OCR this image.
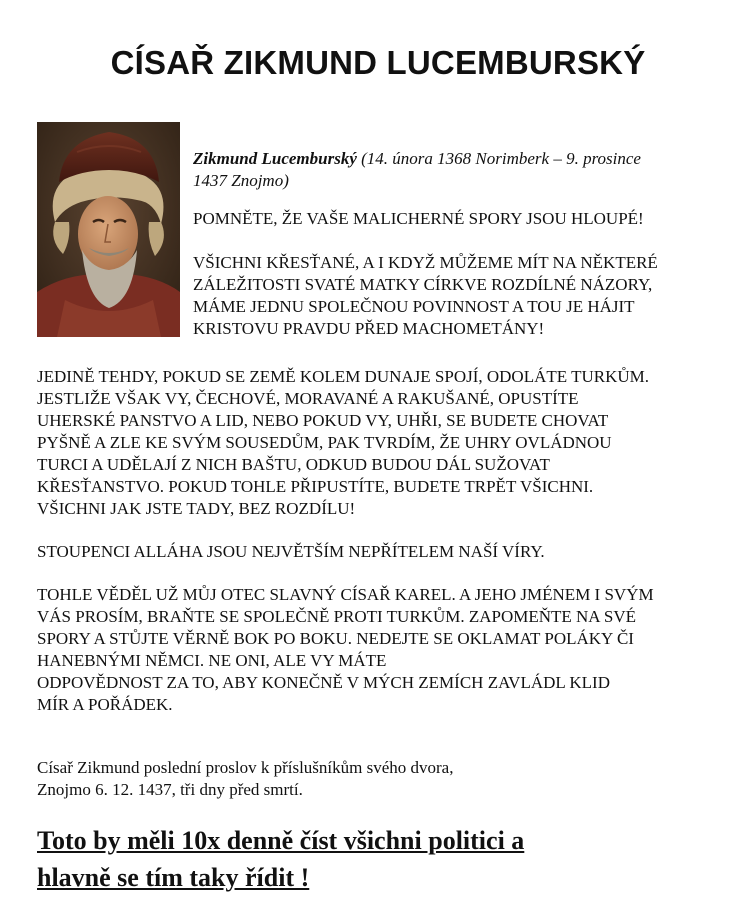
CÍSAŘ ZIKMUND LUCEMBURSKÝ
Zikmund Lucemburský (14. února 1368 Norimberk – 9. prosince
1437 Znojmo)
POMNĚTE, ŽE VAŠE MALICHERNÉ SPORY JSOU HLOUPÉ!
VŠICHNI KŘESŤANÉ, A I KDYŽ MŮŽEME MÍT NA NĚKTERÉ
ZÁLEŽITOSTI SVATÉ MATKY CÍRKVE ROZDÍLNÉ NÁZORY,
MÁME JEDNU SPOLEČNOU POVINNOST A TOU JE HÁJIT
KRISTOVU PRAVDU PŘED MACHOMETÁNY!
JEDINĚ TEHDY, POKUD SE ZEMĚ KOLEM DUNAJE SPOJÍ, ODOLÁTE TURKŮM.
JESTLIŽE VŠAK VY, ČECHOVÉ, MORAVANÉ A RAKUŠANÉ, OPUSTÍTE
UHERSKÉ PANSTVO A LID, NEBO POKUD VY, UHŘI, SE BUDETE CHOVAT
PYŠNĚ A ZLE KE SVÝM SOUSEDŮM, PAK TVRDÍM, ŽE UHRY OVLÁDNOU
TURCI A UDĚLAJÍ Z NICH BAŠTU, ODKUD BUDOU DÁL SUŽOVAT
KŘESŤANSTVO. POKUD TOHLE PŘIPUSTÍTE, BUDETE TRPĚT VŠICHNI.
VŠICHNI JAK JSTE TADY, BEZ ROZDÍLU!
STOUPENCI ALLÁHA JSOU NEJVĚTŠÍM NEPŘÍTELEM NAŠÍ VÍRY.
TOHLE VĚDĚL UŽ MŮJ OTEC SLAVNÝ CÍSAŘ KAREL. A JEHO JMÉNEM I SVÝM
VÁS PROSÍM, BRAŇTE SE SPOLEČNĚ PROTI TURKŮM. ZAPOMEŇTE NA SVÉ
SPORY A STŮJTE VĚRNĚ BOK PO BOKU. NEDEJTE SE OKLAMAT POLÁKY ČI
HANEBNÝMI NĚMCI. NE ONI, ALE VY MÁTE
ODPOVĚDNOST ZA TO, ABY KONEČNĚ V MÝCH ZEMÍCH ZAVLÁDL KLID
MÍR A POŘÁDEK.
Císař Zikmund poslední proslov k příslušníkům svého dvora,
Znojmo 6. 12. 1437, tři dny před smrtí.
Toto by měli 10x denně číst všichni politici a
hlavně se tím taky řídit !
